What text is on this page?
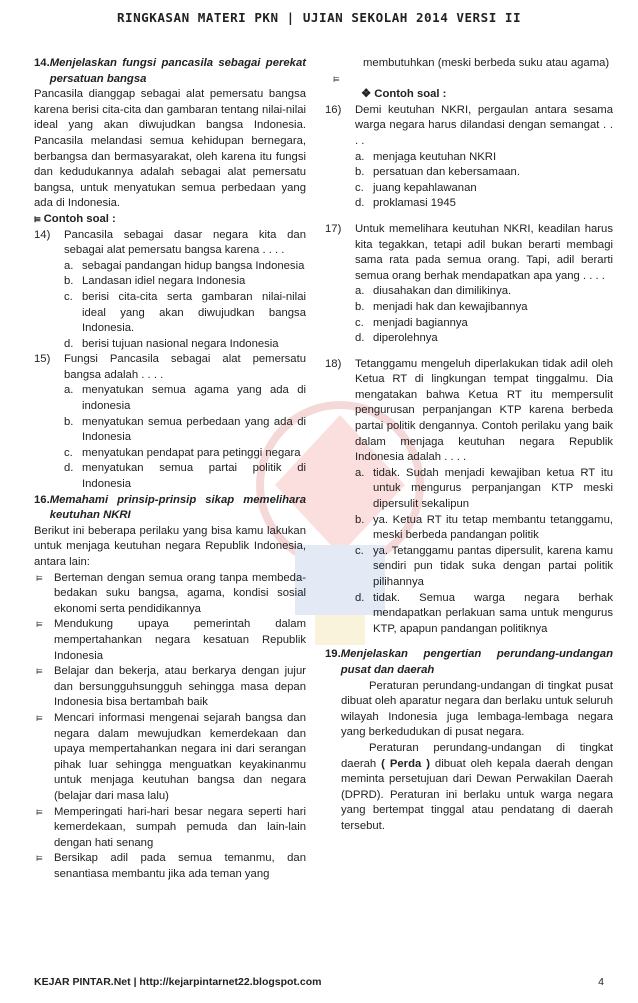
RINGKASAN MATERI PKN | UJIAN SEKOLAH 2014 VERSI II
14. Menjelaskan fungsi pancasila sebagai perekat persatuan bangsa
Pancasila dianggap sebagai alat pemersatu bangsa karena berisi cita-cita dan gambaran tentang nilai-nilai ideal yang akan diwujudkan bangsa Indonesia. Pancasila melandasi semua kehidupan bernegara, berbangsa dan bermasyarakat, oleh karena itu fungsi dan kedudukannya adalah sebagai alat pemersatu bangsa, untuk menyatukan semua perbedaan yang ada di Indonesia.
⫢ Contoh soal :
14)	Pancasila sebagai dasar negara kita dan sebagai alat pemersatu bangsa karena . . . .
a. sebagai pandangan hidup bangsa Indonesia
b. Landasan idiel negara Indonesia
c. berisi cita-cita serta gambaran nilai-nilai ideal yang akan diwujudkan bangsa Indonesia.
d. berisi tujuan nasional negara Indonesia
15)	Fungsi Pancasila sebagai alat pemersatu bangsa adalah . . . .
a. menyatukan semua agama yang ada di indonesia
b. menyatukan semua perbedaan yang ada di Indonesia
c. menyatukan pendapat para petinggi negara
d. menyatukan semua partai politik di Indonesia
16. Memahami prinsip-prinsip sikap memelihara keutuhan NKRI
Berikut ini beberapa perilaku yang bisa kamu lakukan untuk menjaga keutuhan negara Republik Indonesia, antara lain:
⫢	Berteman dengan semua orang tanpa membeda-bedakan suku bangsa, agama, kondisi sosial ekonomi serta pendidikannya
⫢	Mendukung upaya pemerintah dalam mempertahankan negara kesatuan Republik Indonesia
⫢	Belajar dan bekerja, atau berkarya dengan jujur dan bersungguhsungguh sehingga masa depan Indonesia bisa bertambah baik
⫢	Mencari informasi mengenai sejarah bangsa dan negara dalam mewujudkan kemerdekaan dan upaya mempertahankan negara ini dari serangan pihak luar sehingga menguatkan keyakinanmu untuk menjaga keutuhan bangsa dan negara (belajar dari masa lalu)
⫢	Memperingati hari-hari besar negara seperti hari kemerdekaan, sumpah pemuda dan lain-lain dengan hati senang
⫢	Bersikap adil pada semua temanmu, dan senantiasa membantu jika ada teman yang
membutuhkan (meski berbeda suku atau agama)
⫢
❖ Contoh soal :
16)	Demi keutuhan NKRI, pergaulan antara sesama warga negara harus dilandasi dengan semangat . . . .
a. menjaga keutuhan NKRI
b. persatuan dan kebersamaan.
c. juang kepahlawanan
d. proklamasi 1945
17)	Untuk memelihara keutuhan NKRI, keadilan harus kita tegakkan, tetapi adil bukan berarti membagi sama rata pada semua orang. Tapi, adil berarti semua orang berhak mendapatkan apa yang . . . .
a. diusahakan dan dimilikinya.
b. menjadi hak dan kewajibannya
c. menjadi bagiannya
d. diperolehnya
18)	Tetanggamu mengeluh diperlakukan tidak adil oleh Ketua RT di lingkungan tempat tinggalmu. Dia mengatakan bahwa Ketua RT itu mempersulit pengurusan perpanjangan KTP karena berbeda partai politik dengannya. Contoh perilaku yang baik dalam menjaga keutuhan negara Republik Indonesia adalah . . . .
a. tidak. Sudah menjadi kewajiban ketua RT itu untuk mengurus perpanjangan KTP meski dipersulit sekalipun
b. ya. Ketua RT itu tetap membantu tetanggamu, meski berbeda pandangan politik
c. ya. Tetanggamu pantas dipersulit, karena kamu sendiri pun tidak suka dengan partai politik pilihannya
d. tidak. Semua warga negara berhak mendapatkan perlakuan sama untuk mengurus KTP, apapun pandangan politiknya
19. Menjelaskan pengertian perundang-undangan pusat dan daerah
Peraturan perundang-undangan di tingkat pusat dibuat oleh aparatur negara dan berlaku untuk seluruh wilayah Indonesia juga lembaga-lembaga negara yang berkedudukan di pusat negara.
Peraturan perundang-undangan di tingkat daerah ( Perda ) dibuat oleh kepala daerah dengan meminta persetujuan dari Dewan Perwakilan Daerah (DPRD). Peraturan ini berlaku untuk warga negara yang bertempat tinggal atau pendatang di daerah tersebut.
KEJAR PINTAR.Net | http://kejarpintarnet22.blogspot.com	4
